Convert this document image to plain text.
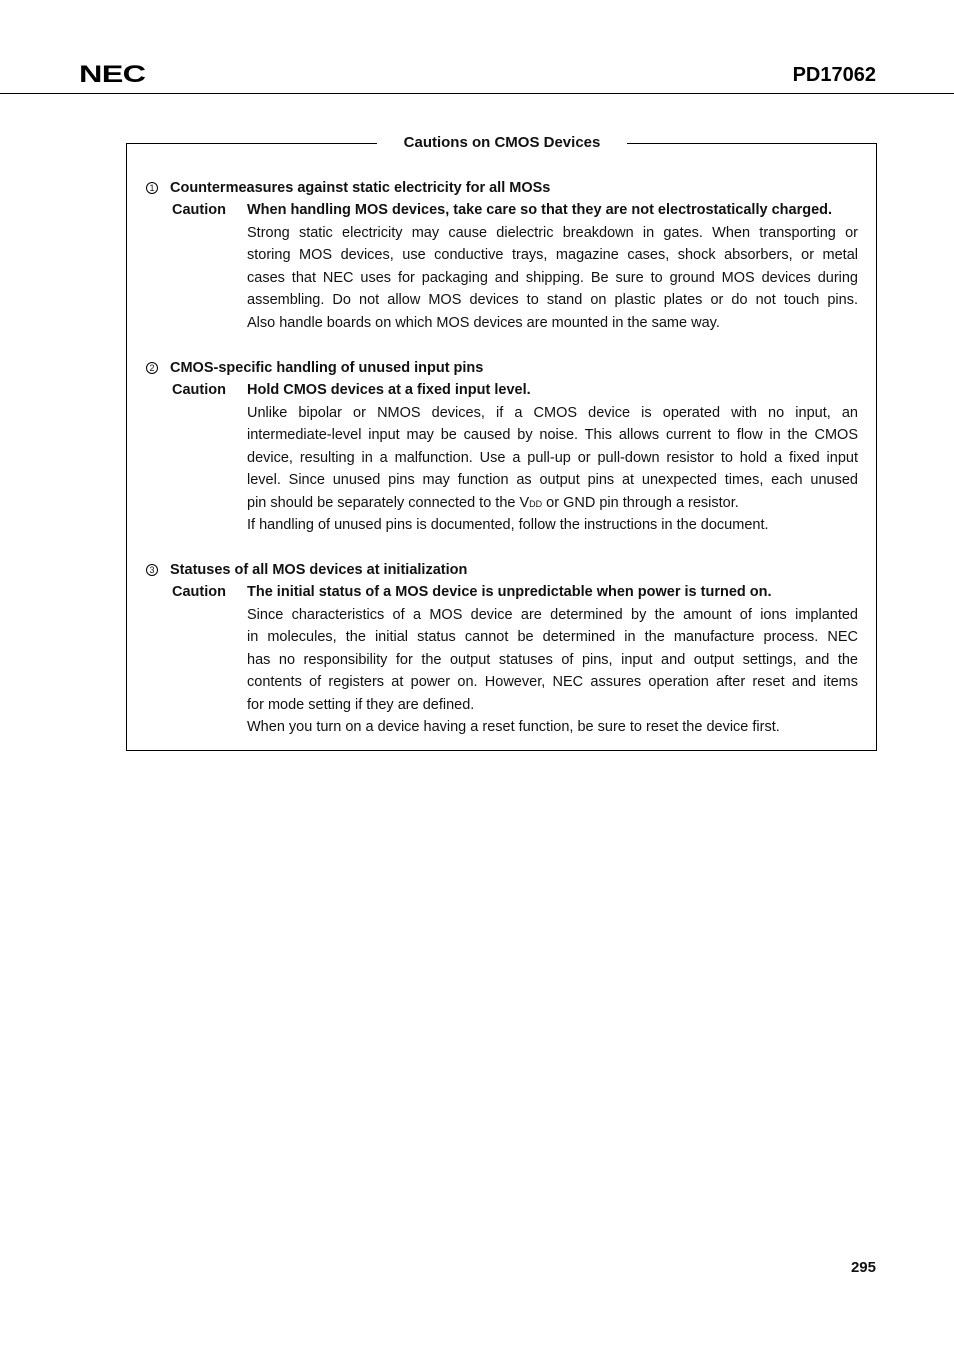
NEC	PD17062
Cautions on CMOS Devices
1 Countermeasures against static electricity for all MOSs
Caution	When handling MOS devices, take care so that they are not electrostatically charged.
Strong static electricity may cause dielectric breakdown in gates. When transporting or
storing MOS devices, use conductive trays, magazine cases, shock absorbers, or metal
cases that NEC uses for packaging and shipping. Be sure to ground MOS devices during
assembling. Do not allow MOS devices to stand on plastic plates or do not touch pins.
Also handle boards on which MOS devices are mounted in the same way.
2 CMOS-specific handling of unused input pins
Caution	Hold CMOS devices at a fixed input level.
Unlike bipolar or NMOS devices, if a CMOS device is operated with no input, an
intermediate-level input may be caused by noise. This allows current to flow in the CMOS
device, resulting in a malfunction. Use a pull-up or pull-down resistor to hold a fixed input
level. Since unused pins may function as output pins at unexpected times, each unused
pin should be separately connected to the VDD or GND pin through a resistor.
If handling of unused pins is documented, follow the instructions in the document.
3 Statuses of all MOS devices at initialization
Caution	The initial status of a MOS device is unpredictable when power is turned on.
Since characteristics of a MOS device are determined by the amount of ions implanted
in molecules, the initial status cannot be determined in the manufacture process. NEC
has no responsibility for the output statuses of pins, input and output settings, and the
contents of registers at power on. However, NEC assures operation after reset and items
for mode setting if they are defined.
When you turn on a device having a reset function, be sure to reset the device first.
295
